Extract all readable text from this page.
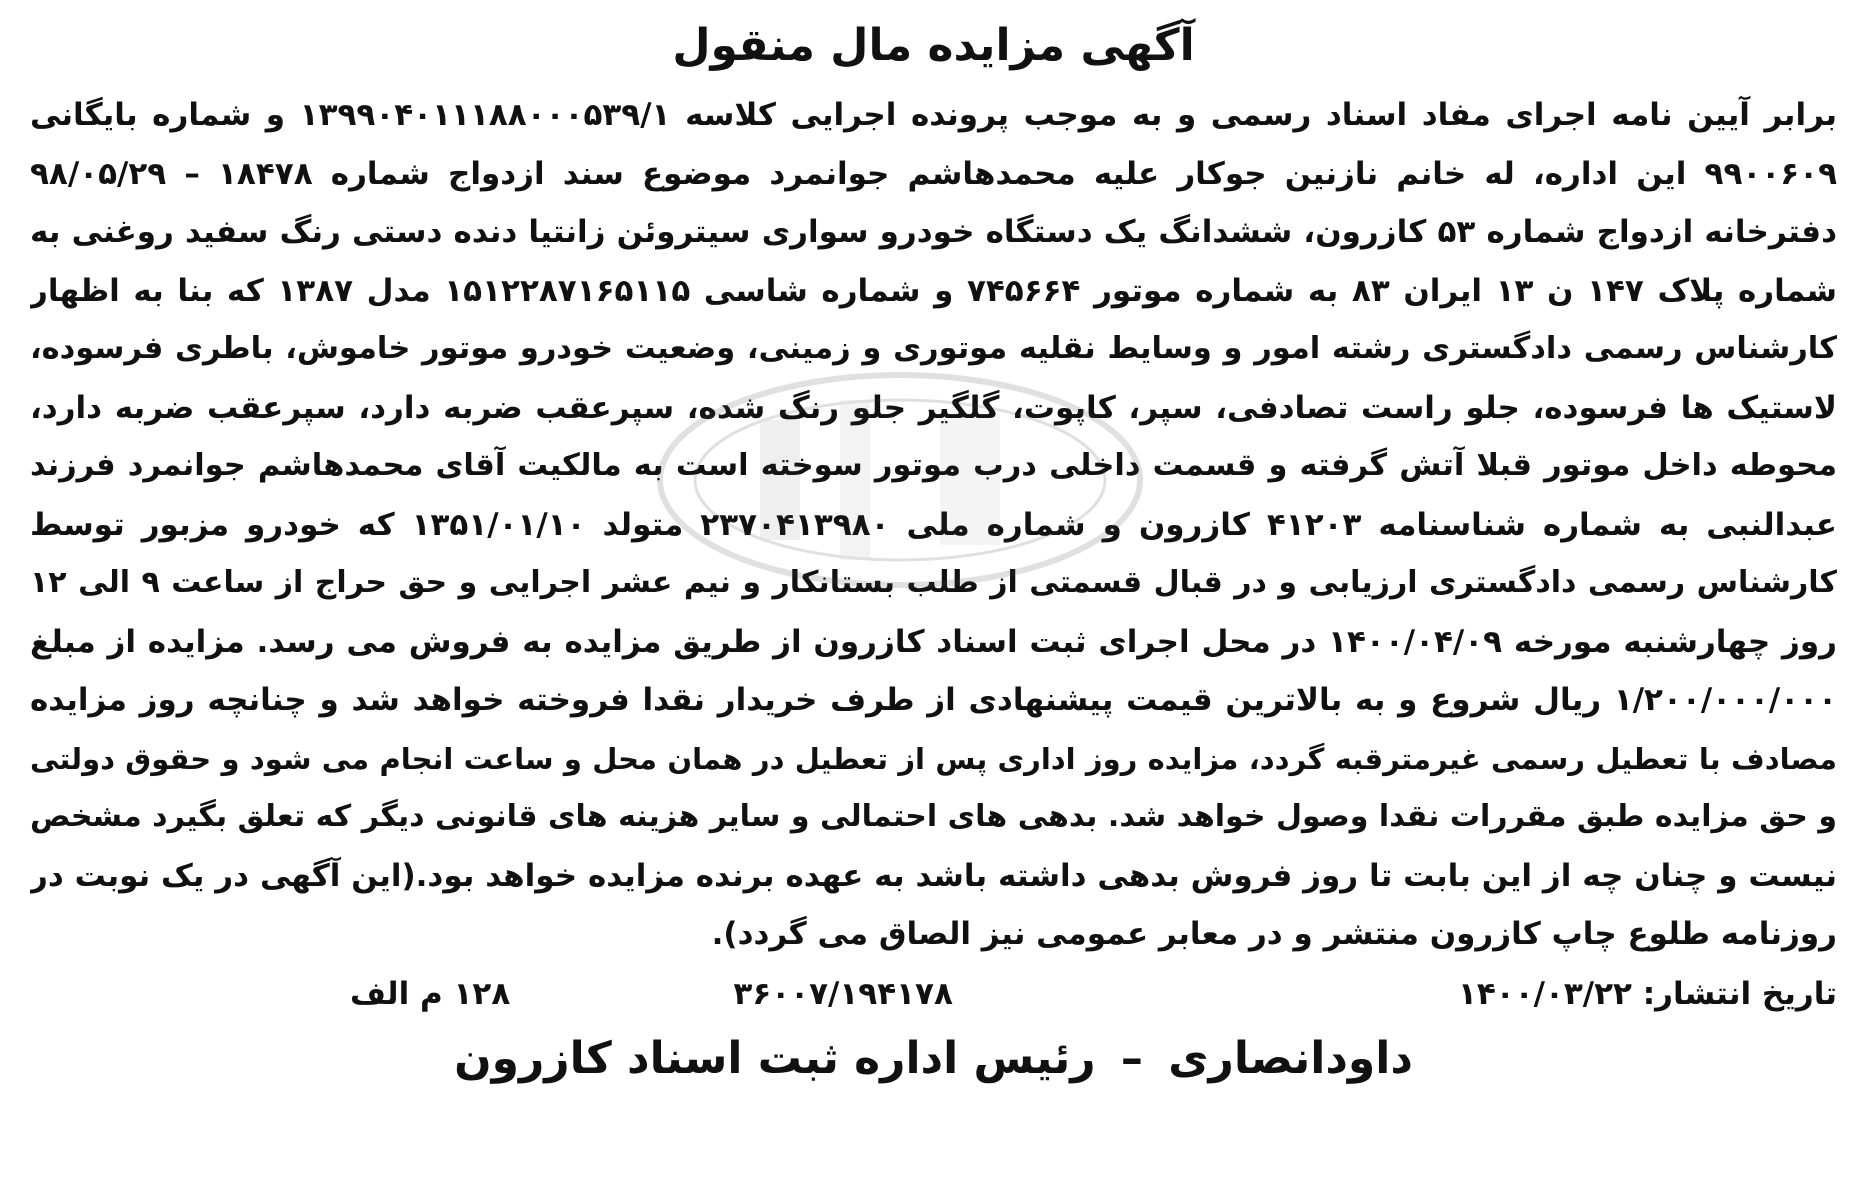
آگهی مزایده مال منقول
برابر آیین نامه اجرای مفاد اسناد رسمی و به موجب پرونده اجرایی کلاسه ۱۳۹۹۰۴۰۱۱۱۸۸۰۰۰۵۳۹/۱ و شماره بایگانی
۹۹۰۰۶۰۹ این اداره، له خانم نازنین جوکار علیه محمدهاشم جوانمرد موضوع سند ازدواج شماره ۱۸۴۷۸ – ۹۸/۰۵/۲۹
دفترخانه ازدواج شماره ۵۳ کازرون، ششدانگ یک دستگاه خودرو سواری سیتروئن زانتیا دنده دستی رنگ سفید روغنی به
شماره پلاک ۱۴۷ ن ۱۳ ایران ۸۳ به شماره موتور ۷۴۵۶۶۴ و شماره شاسی ۱۵۱۲۲۸۷۱۶۵۱۱۵ مدل ۱۳۸۷ که بنا به اظهار
کارشناس رسمی دادگستری رشته امور و وسایط نقلیه موتوری و زمینی، وضعیت خودرو موتور خاموش، باطری فرسوده،
لاستیک ها فرسوده، جلو راست تصادفی، سپر، کاپوت، گلگیر جلو رنگ شده، سپرعقب ضربه دارد، سپرعقب ضربه دارد،
محوطه داخل موتور قبلا آتش گرفته و قسمت داخلی درب موتور سوخته است به مالکیت آقای محمدهاشم جوانمرد فرزند
عبدالنبی به شماره شناسنامه ۴۱۲۰۳ کازرون و شماره ملی ۲۳۷۰۴۱۳۹۸۰ متولد ۱۳۵۱/۰۱/۱۰ که خودرو مزبور توسط
کارشناس رسمی دادگستری ارزیابی و در قبال قسمتی از طلب بستانکار و نیم عشر اجرایی و حق حراج از ساعت ۹ الی ۱۲
روز چهارشنبه مورخه ۱۴۰۰/۰۴/۰۹ در محل اجرای ثبت اسناد کازرون از طریق مزایده به فروش می رسد. مزایده از مبلغ
۱/۲۰۰/۰۰۰/۰۰۰ ریال شروع و به بالاترین قیمت پیشنهادی از طرف خریدار نقدا فروخته خواهد شد و چنانچه روز مزایده
مصادف با تعطیل رسمی غیرمترقبه گردد، مزایده روز اداری پس از تعطیل در همان محل و ساعت انجام می شود و حقوق دولتی
و حق مزایده طبق مقررات نقدا وصول خواهد شد. بدهی های احتمالی و سایر هزینه های قانونی دیگر که تعلق بگیرد مشخص
نیست و چنان چه از این بابت تا روز فروش بدهی داشته باشد به عهده برنده مزایده خواهد بود.(این آگهی در یک نوبت در
روزنامه طلوع چاپ کازرون منتشر و در معابر عمومی نیز الصاق می گردد).
تاریخ انتشار: ۱۴۰۰/۰۳/۲۲
۳۶۰۰۷/۱۹۴۱۷۸
۱۲۸ م الف
داودانصاری – رئیس اداره ثبت اسناد کازرون
